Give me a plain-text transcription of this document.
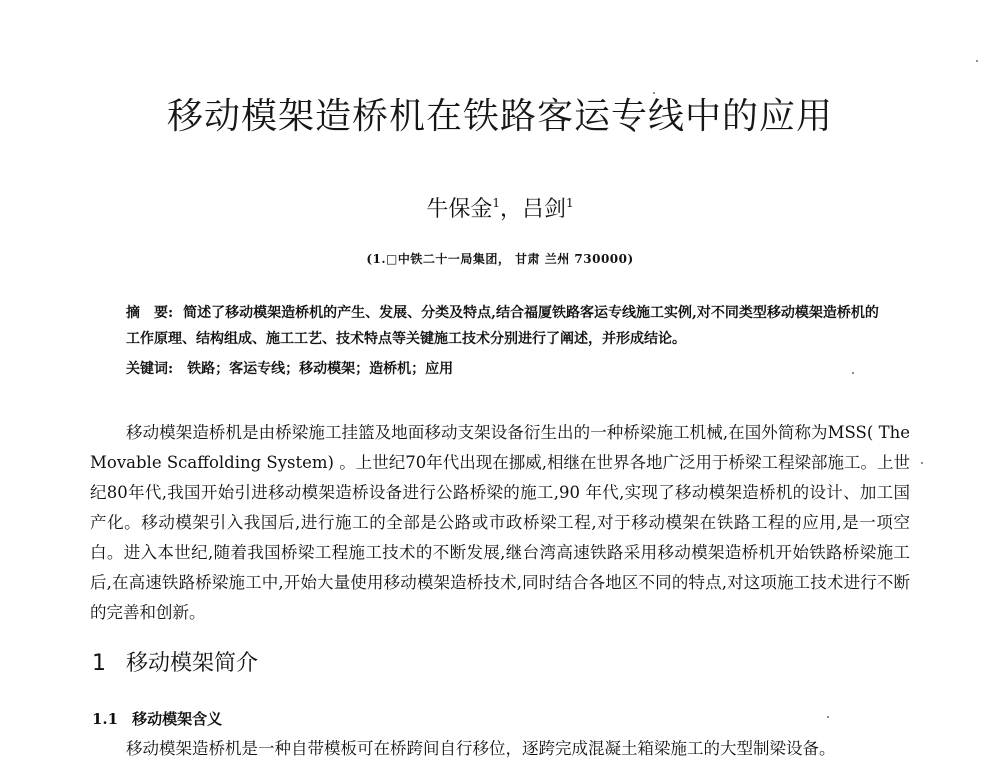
移动模架造桥机在铁路客运专线中的应用
牛保金$^1$，吕剑$^1$
(1.□中铁二十一局集团， 甘肃 兰州 730000)
摘　要: 简述了移动模架造桥机的产生、发展、分类及特点,结合福厦铁路客运专线施工实例,对不同类型移动模架造桥机的工作原理、结构组成、施工工艺、技术特点等关键施工技术分别进行了阐述，并形成结论。
关键词: 铁路；客运专线；移动模架；造桥机；应用
移动模架造桥机是由桥梁施工挂篮及地面移动支架设备衍生出的一种桥梁施工机械,在国外简称为MSS( The Movable Scaffolding System) 。上世纪70年代出现在挪威,相继在世界各地广泛用于桥梁工程梁部施工。上世纪80年代,我国开始引进移动模架造桥设备进行公路桥梁的施工,90 年代,实现了移动模架造桥机的设计、加工国产化。移动模架引入我国后,进行施工的全部是公路或市政桥梁工程,对于移动模架在铁路工程的应用,是一项空白。进入本世纪,随着我国桥梁工程施工技术的不断发展,继台湾高速铁路采用移动模架造桥机开始铁路桥梁施工后,在高速铁路桥梁施工中,开始大量使用移动模架造桥技术,同时结合各地区不同的特点,对这项施工技术进行不断的完善和创新。
1 移动模架简介
1.1 移动模架含义
移动模架造桥机是一种自带模板可在桥跨间自行移位，逐跨完成混凝土箱梁施工的大型制梁设备。
